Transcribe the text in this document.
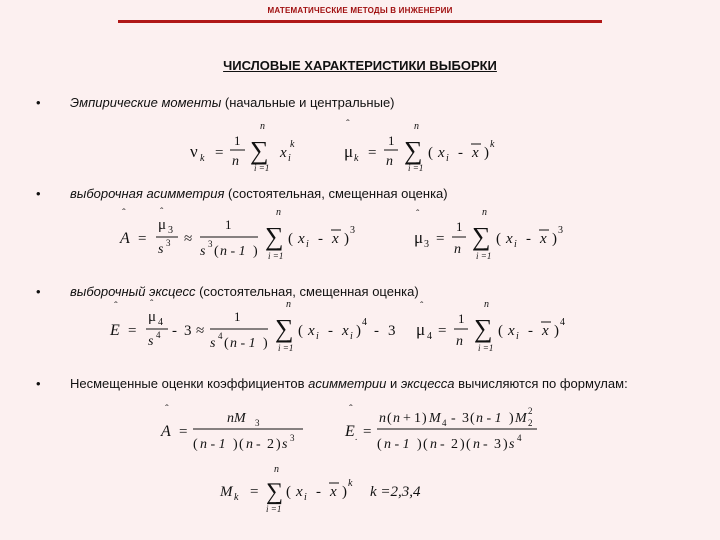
МАТЕМАТИЧЕСКИЕ МЕТОДЫ В ИНЖЕНЕРИИ
ЧИСЛОВЫЕ ХАРАКТЕРИСТИКИ ВЫБОРКИ
• Эмпирические моменты (начальные и центральные)
ν k =
1
n
n
∑
i =1
x i
k
ˆ
μ k =
1
n
n
∑
i =1
( x i - x )
k
• выборочная асимметрия (состоятельная, смещенная оценка)
ˆ
A =
ˆ
μ 3
s 3 ≈
1
s 3 ( n - 1 )
n
∑
i =1
( x i - x )
3
ˆ
μ 3 =
1
n
n
∑
i =1
( x i - x )
3
• выборочный эксцесс (состоятельная, смещенная оценка)
ˆ
E =
ˆ
μ 4
s 4 - 3 ≈
1
s 4 ( n - 1 )
n
∑
i =1
( x i - x i )
4
- 3
ˆ
μ 4 =
1
n
n
∑
i =1
( x i - x )
4
• Несмещенные оценки коэффициентов асимметрии и эксцесса вычисляются по формулам:
ˆ
A =
nM 3
( n - 1 ) ( n - 2 ) s 3
ˆ
E . =
n ( n + 1 ) M 4 - 3 ( n - 1 ) M 2
2
( n - 1 ) ( n - 2 ) ( n - 3 ) s 4
M k =
n
∑
i =1
( x i - x )
k
k =2,3,4
